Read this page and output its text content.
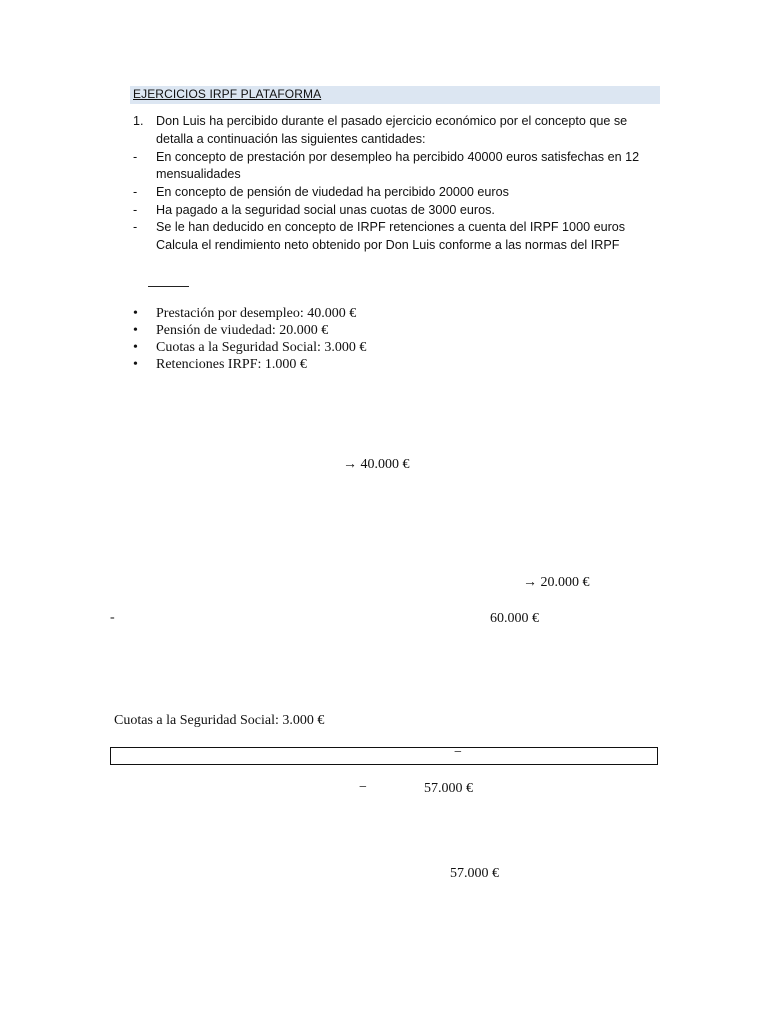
EJERCICIOS IRPF PLATAFORMA
1. Don Luis ha percibido durante el pasado ejercicio económico por el concepto que se
detalla a continuación las siguientes cantidades:
- En concepto de prestación por desempleo ha percibido 40000 euros satisfechas en 12
mensualidades
- En concepto de pensión de viudedad ha percibido 20000 euros
- Ha pagado a la seguridad social unas cuotas de 3000 euros.
- Se le han deducido en concepto de IRPF retenciones a cuenta del IRPF 1000 euros
Calcula el rendimiento neto obtenido por Don Luis conforme a las normas del IRPF
• Prestación por desempleo: 40.000 €
• Pensión de viudedad: 20.000 €
• Cuotas a la Seguridad Social: 3.000 €
• Retenciones IRPF: 1.000 €
→ 40.000 €
→ 20.000 €
-	60.000 €
Cuotas a la Seguridad Social: 3.000 €
−
−	57.000 €
57.000 €
